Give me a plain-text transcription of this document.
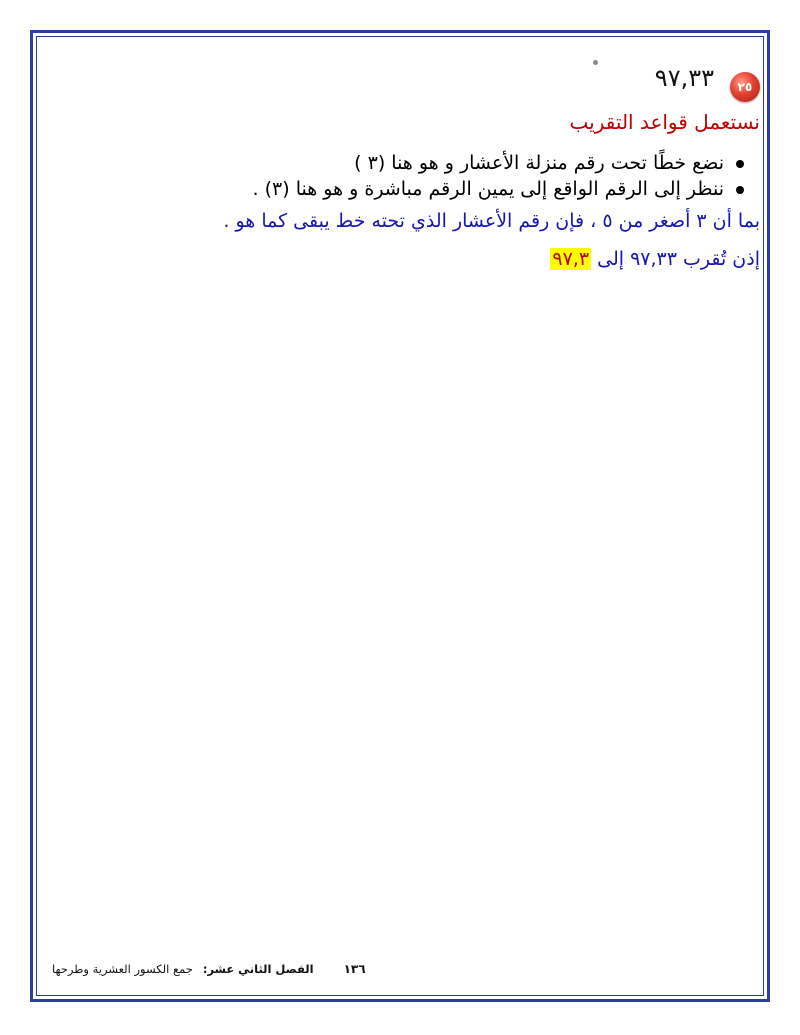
٢٥
٩٧,٣٣
نستعمل قواعد التقريب
نضع خطًا تحت رقم منزلة الأعشار و هو هنا (٣ )
ننظر إلى الرقم الواقع إلى يمين الرقم مباشرة و هو هنا (٣) .
بما أن ٣ أصغر من ٥ ، فإن رقم الأعشار الذي تحته خط يبقى كما هو .
إذن تُقرب ٩٧,٣٣ إلى ٩٧,٣
١٣٦ الفصل الثاني عشر: جمع الكسور العشرية وطرحها
